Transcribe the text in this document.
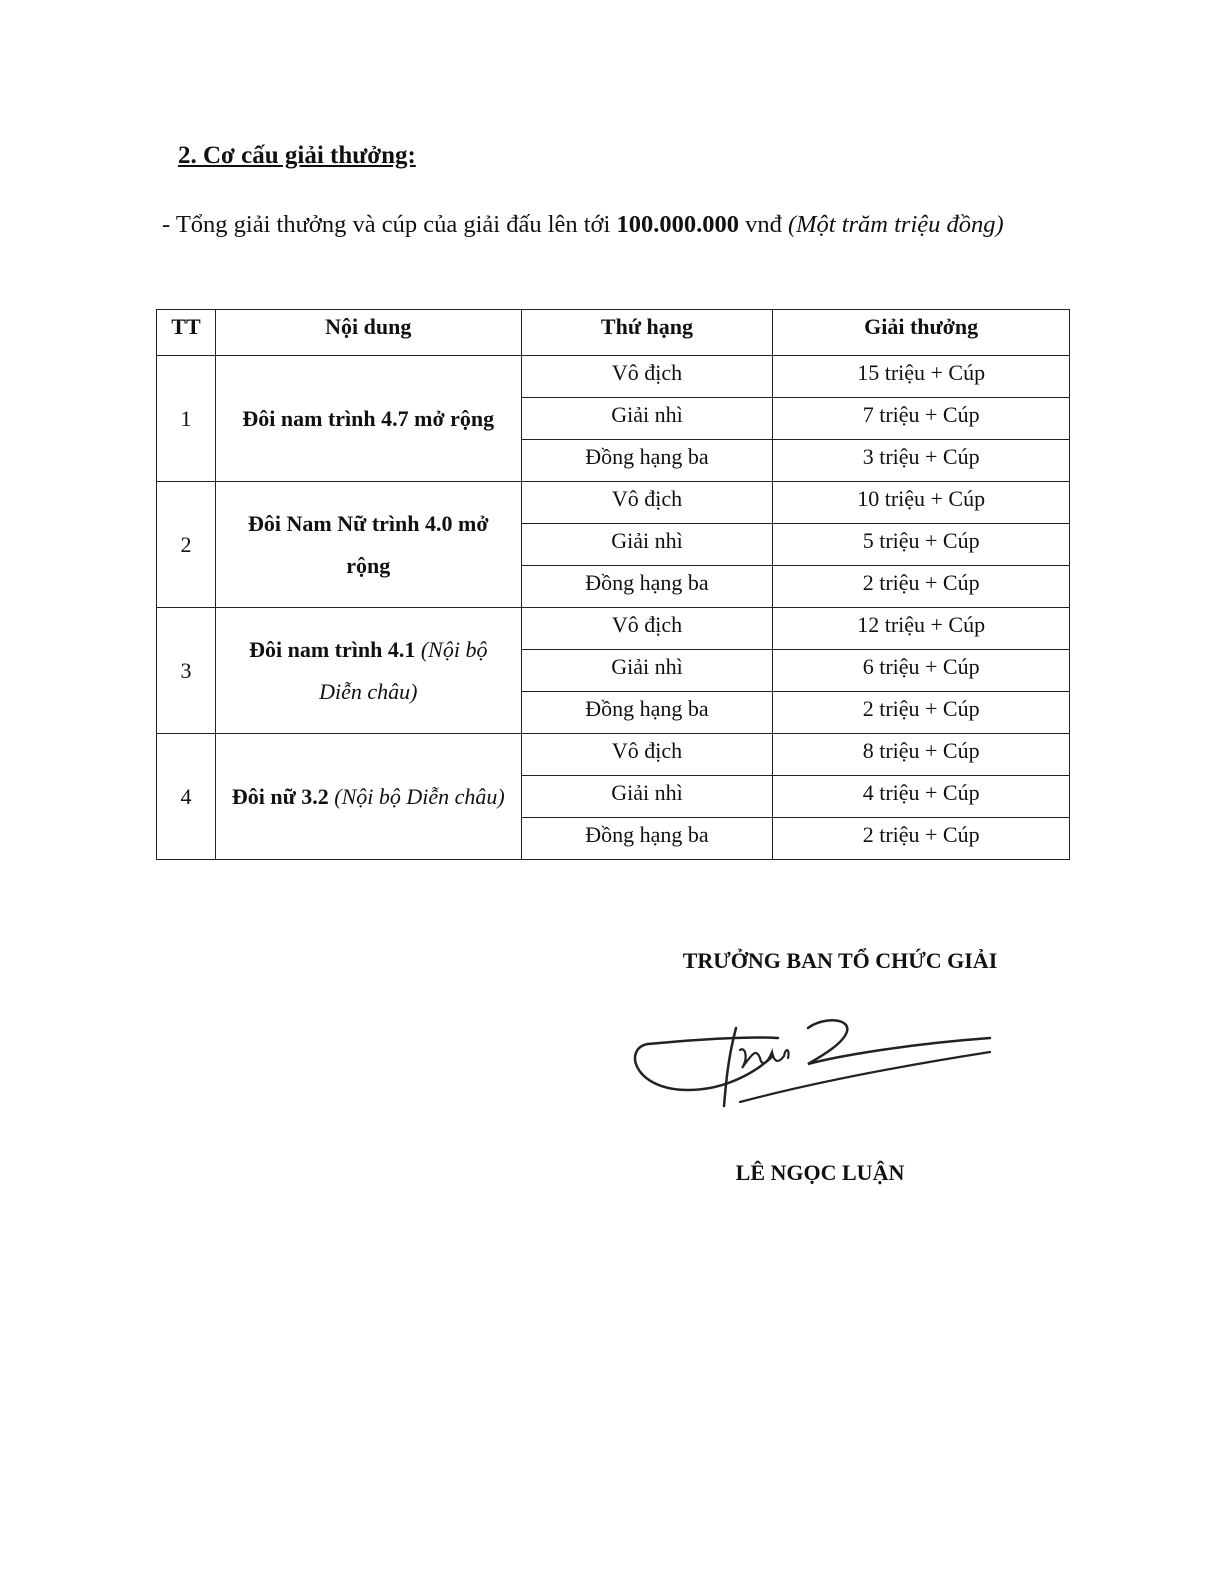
2. Cơ cấu giải thưởng:

- Tổng giải thưởng và cúp của giải đấu lên tới 100.000.000 vnđ (Một trăm triệu đồng)

TT	Nội dung	Thứ hạng	Giải thưởng
1	Đôi nam trình 4.7 mở rộng	Vô địch	15 triệu + Cúp
		Giải nhì	7 triệu + Cúp
		Đồng hạng ba	3 triệu + Cúp
2	Đôi Nam Nữ trình 4.0 mở rộng	Vô địch	10 triệu + Cúp
		Giải nhì	5 triệu + Cúp
		Đồng hạng ba	2 triệu + Cúp
3	Đôi nam trình 4.1 (Nội bộ Diễn châu)	Vô địch	12 triệu + Cúp
		Giải nhì	6 triệu + Cúp
		Đồng hạng ba	2 triệu + Cúp
4	Đôi nữ 3.2 (Nội bộ Diễn châu)	Vô địch	8 triệu + Cúp
		Giải nhì	4 triệu + Cúp
		Đồng hạng ba	2 triệu + Cúp

TRƯỞNG BAN TỔ CHỨC GIẢI

LÊ NGỌC LUẬN
